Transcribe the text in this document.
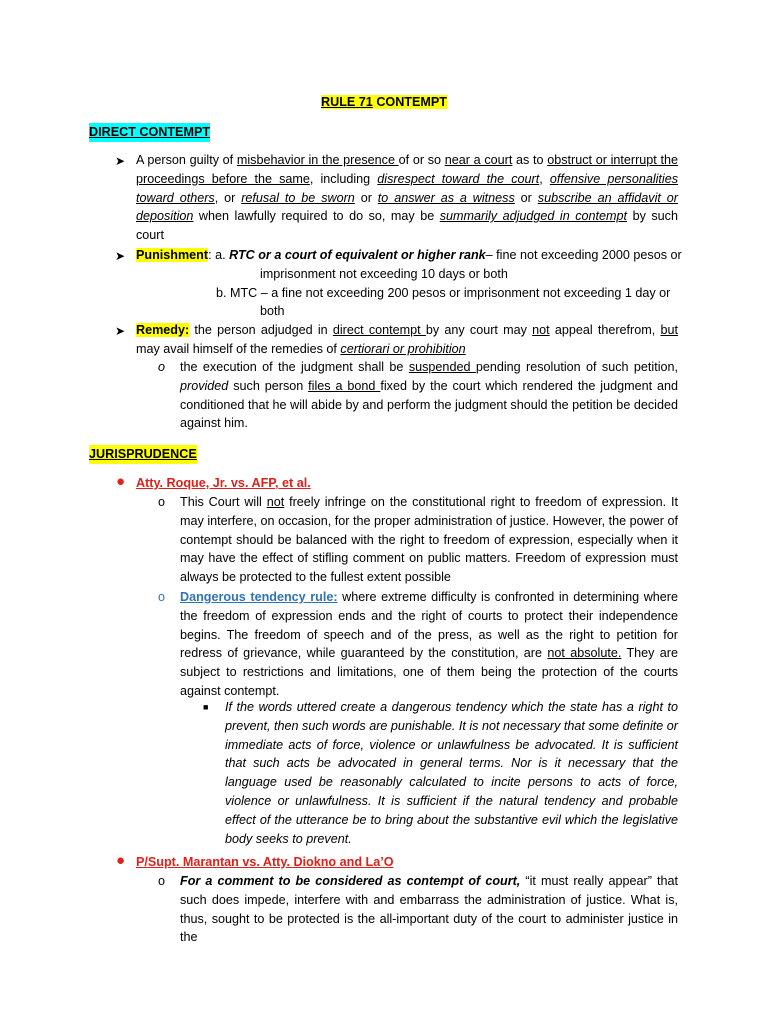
RULE 71 CONTEMPT
DIRECT CONTEMPT
➤ A person guilty of misbehavior in the presence of or so near a court as to obstruct or interrupt the proceedings before the same, including disrespect toward the court, offensive personalities toward others, or refusal to be sworn or to answer as a witness or subscribe an affidavit or deposition when lawfully required to do so, may be summarily adjudged in contempt by such court
➤ Punishment: a. RTC or a court of equivalent or higher rank– fine not exceeding 2000 pesos or
imprisonment not exceeding 10 days or both
b. MTC – a fine not exceeding 200 pesos or imprisonment not exceeding 1 day or
both
➤ Remedy: the person adjudged in direct contempt by any court may not appeal therefrom, but may avail himself of the remedies of certiorari or prohibition
o the execution of the judgment shall be suspended pending resolution of such petition, provided such person files a bond fixed by the court which rendered the judgment and conditioned that he will abide by and perform the judgment should the petition be decided against him.
JURISPRUDENCE
● Atty. Roque, Jr. vs. AFP, et al.
o This Court will not freely infringe on the constitutional right to freedom of expression. It may interfere, on occasion, for the proper administration of justice. However, the power of contempt should be balanced with the right to freedom of expression, especially when it may have the effect of stifling comment on public matters. Freedom of expression must always be protected to the fullest extent possible
o Dangerous tendency rule: where extreme difficulty is confronted in determining where the freedom of expression ends and the right of courts to protect their independence begins. The freedom of speech and of the press, as well as the right to petition for redress of grievance, while guaranteed by the constitution, are not absolute. They are subject to restrictions and limitations, one of them being the protection of the courts against contempt.
■ If the words uttered create a dangerous tendency which the state has a right to prevent, then such words are punishable. It is not necessary that some definite or immediate acts of force, violence or unlawfulness be advocated. It is sufficient that such acts be advocated in general terms. Nor is it necessary that the language used be reasonably calculated to incite persons to acts of force, violence or unlawfulness. It is sufficient if the natural tendency and probable effect of the utterance be to bring about the substantive evil which the legislative body seeks to prevent.
● P/Supt. Marantan vs. Atty. Diokno and La’O
o For a comment to be considered as contempt of court, “it must really appear” that such does impede, interfere with and embarrass the administration of justice. What is, thus, sought to be protected is the all-important duty of the court to administer justice in the
